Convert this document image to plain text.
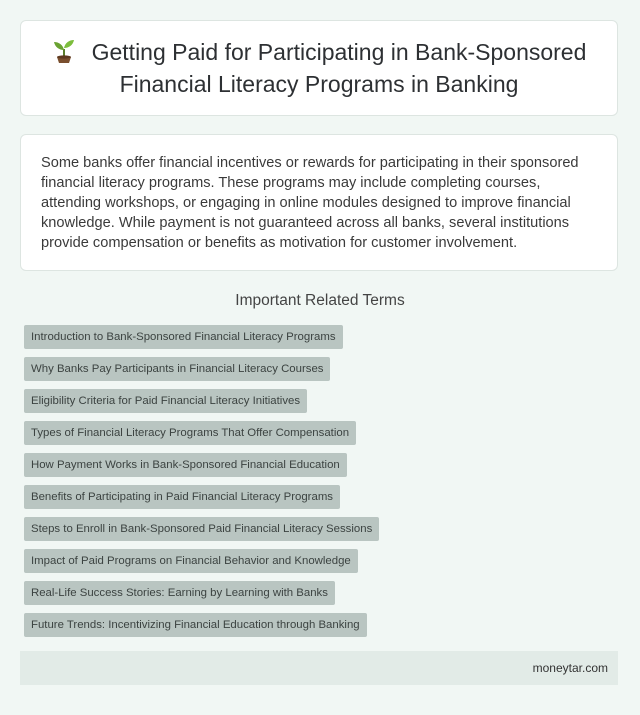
Getting Paid for Participating in Bank-Sponsored Financial Literacy Programs in Banking

Some banks offer financial incentives or rewards for participating in their sponsored financial literacy programs. These programs may include completing courses, attending workshops, or engaging in online modules designed to improve financial knowledge. While payment is not guaranteed across all banks, several institutions provide compensation or benefits as motivation for customer involvement.

Important Related Terms
Introduction to Bank-Sponsored Financial Literacy Programs
Why Banks Pay Participants in Financial Literacy Courses
Eligibility Criteria for Paid Financial Literacy Initiatives
Types of Financial Literacy Programs That Offer Compensation
How Payment Works in Bank-Sponsored Financial Education
Benefits of Participating in Paid Financial Literacy Programs
Steps to Enroll in Bank-Sponsored Paid Financial Literacy Sessions
Impact of Paid Programs on Financial Behavior and Knowledge
Real-Life Success Stories: Earning by Learning with Banks
Future Trends: Incentivizing Financial Education through Banking
moneytar.com
